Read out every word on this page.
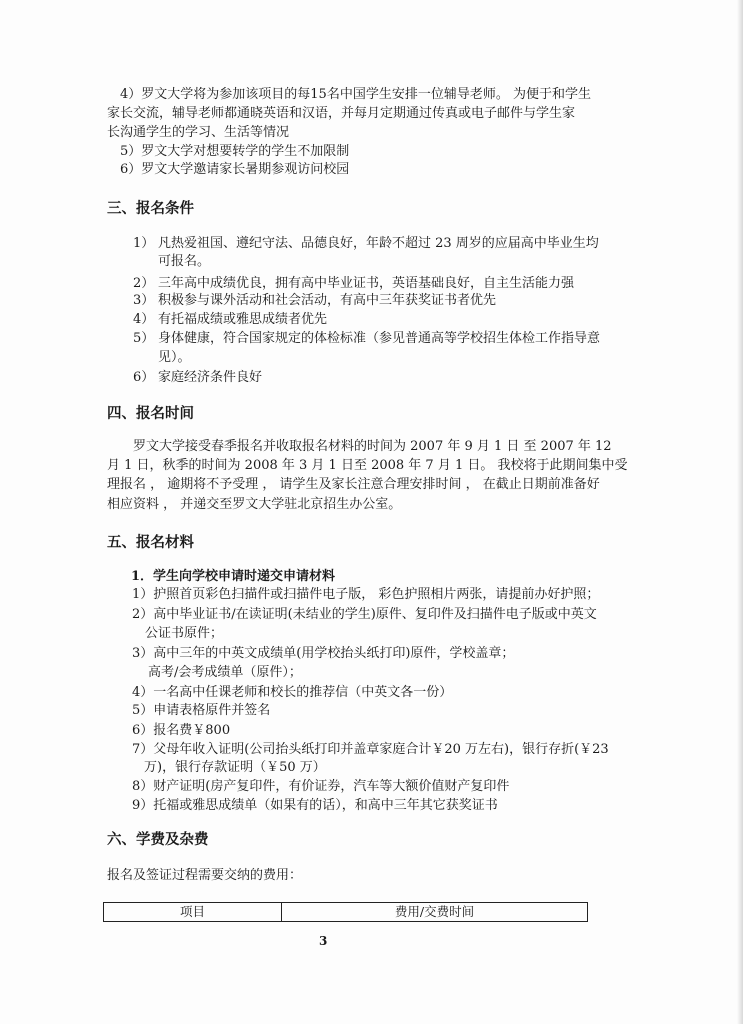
4）罗文大学将为参加该项目的每15名中国学生安排一位辅导老师。 为便于和学生
家长交流，辅导老师都通晓英语和汉语，并每月定期通过传真或电子邮件与学生家
长沟通学生的学习、生活等情况
5）罗文大学对想要转学的学生不加限制
6）罗文大学邀请家长暑期参观访问校园
三、报名条件
1） 凡热爱祖国、遵纪守法、品德良好，年龄不超过 23 周岁的应届高中毕业生均
可报名。
2） 三年高中成绩优良，拥有高中毕业证书，英语基础良好，自主生活能力强
3） 积极参与课外活动和社会活动，有高中三年获奖证书者优先
4） 有托福成绩或雅思成绩者优先
5） 身体健康，符合国家规定的体检标准（参见普通高等学校招生体检工作指导意
见）。
6） 家庭经济条件良好
四、报名时间
罗文大学接受春季报名并收取报名材料的时间为 2007 年 9 月 1 日 至 2007 年 12
月 1 日，秋季的时间为 2008 年 3 月 1 日至 2008 年 7 月 1 日。 我校将于此期间集中受
理报名 ， 逾期将不予受理 ， 请学生及家长注意合理安排时间 ， 在截止日期前准备好
相应资料 ， 并递交至罗文大学驻北京招生办公室。
五、报名材料
1．学生向学校申请时递交申请材料
1）护照首页彩色扫描件或扫描件电子版， 彩色护照相片两张，请提前办好护照；
2）高中毕业证书/在读证明(未结业的学生)原件、复印件及扫描件电子版或中英文
公证书原件；
3）高中三年的中英文成绩单(用学校抬头纸打印)原件，学校盖章；
高考/会考成绩单（原件）；
4）一名高中任课老师和校长的推荐信（中英文各一份）
5）申请表格原件并签名
6）报名费￥800
7）父母年收入证明(公司抬头纸打印并盖章家庭合计￥20 万左右)，银行存折(￥23
万)，银行存款证明（￥50 万）
8）财产证明(房产复印件，有价证券，汽车等大额价值财产复印件
9）托福或雅思成绩单（如果有的话），和高中三年其它获奖证书
六、学费及杂费
报名及签证过程需要交纳的费用：
项目	费用/交费时间
3
